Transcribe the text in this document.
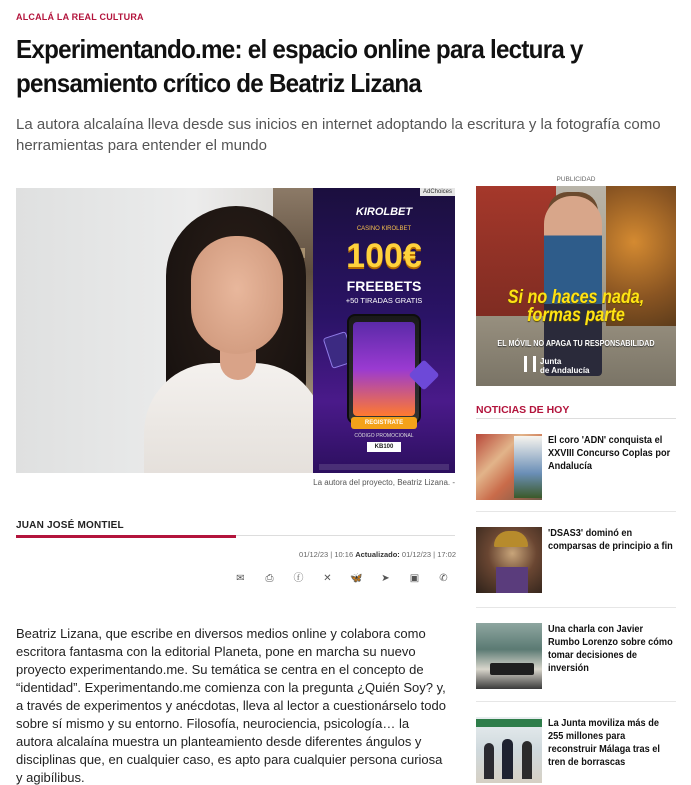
ALCALÁ LA REAL CULTURA
Experimentando.me: el espacio online para lectura y pensamiento crítico de Beatriz Lizana

La autora alcalaína lleva desde sus inicios en internet adoptando la escritura y la fotografía como herramientas para entender el mundo

AdChoices
KIROLBET
CASINO KIROLBET
100€
FREEBETS
+50 TIRADAS GRATIS
REGISTRATE
CÓDIGO PROMOCIONAL
KB100
La autora del proyecto, Beatriz Lizana. -
JUAN JOSÉ MONTIEL
01/12/23 | 10:16 Actualizado: 01/12/23 | 17:02
✉	⎙	ⓕ	✕	🦋	➤	▣	✆

Beatriz Lizana, que escribe en diversos medios online y colabora como escritora fantasma con la editorial Planeta, pone en marcha su nuevo proyecto experimentando.me. Su temática se centra en el concepto de “identidad”. Experimentando.me comienza con la pregunta ¿Quién Soy? y, a través de experimentos y anécdotas, lleva al lector a cuestionárselo todo sobre sí mismo y su entorno. Filosofía, neurociencia, psicología… la autora alcalaína muestra un planteamiento desde diferentes ángulos y disciplinas que, en cualquier caso, es apto para cualquier persona curiosa y agibílibus.

PUBLICIDAD
Si no haces nada,
formas parte
EL MÓVIL NO APAGA TU RESPONSABILIDAD
Junta
de Andalucía
NOTICIAS DE HOY
El coro 'ADN' conquista el XXVIII Concurso Coplas por Andalucía
'DSAS3' dominó en comparsas de principio a fin
Una charla con Javier Rumbo Lorenzo sobre cómo tomar decisiones de inversión
La Junta moviliza más de 255 millones para reconstruir Málaga tras el tren de borrascas
